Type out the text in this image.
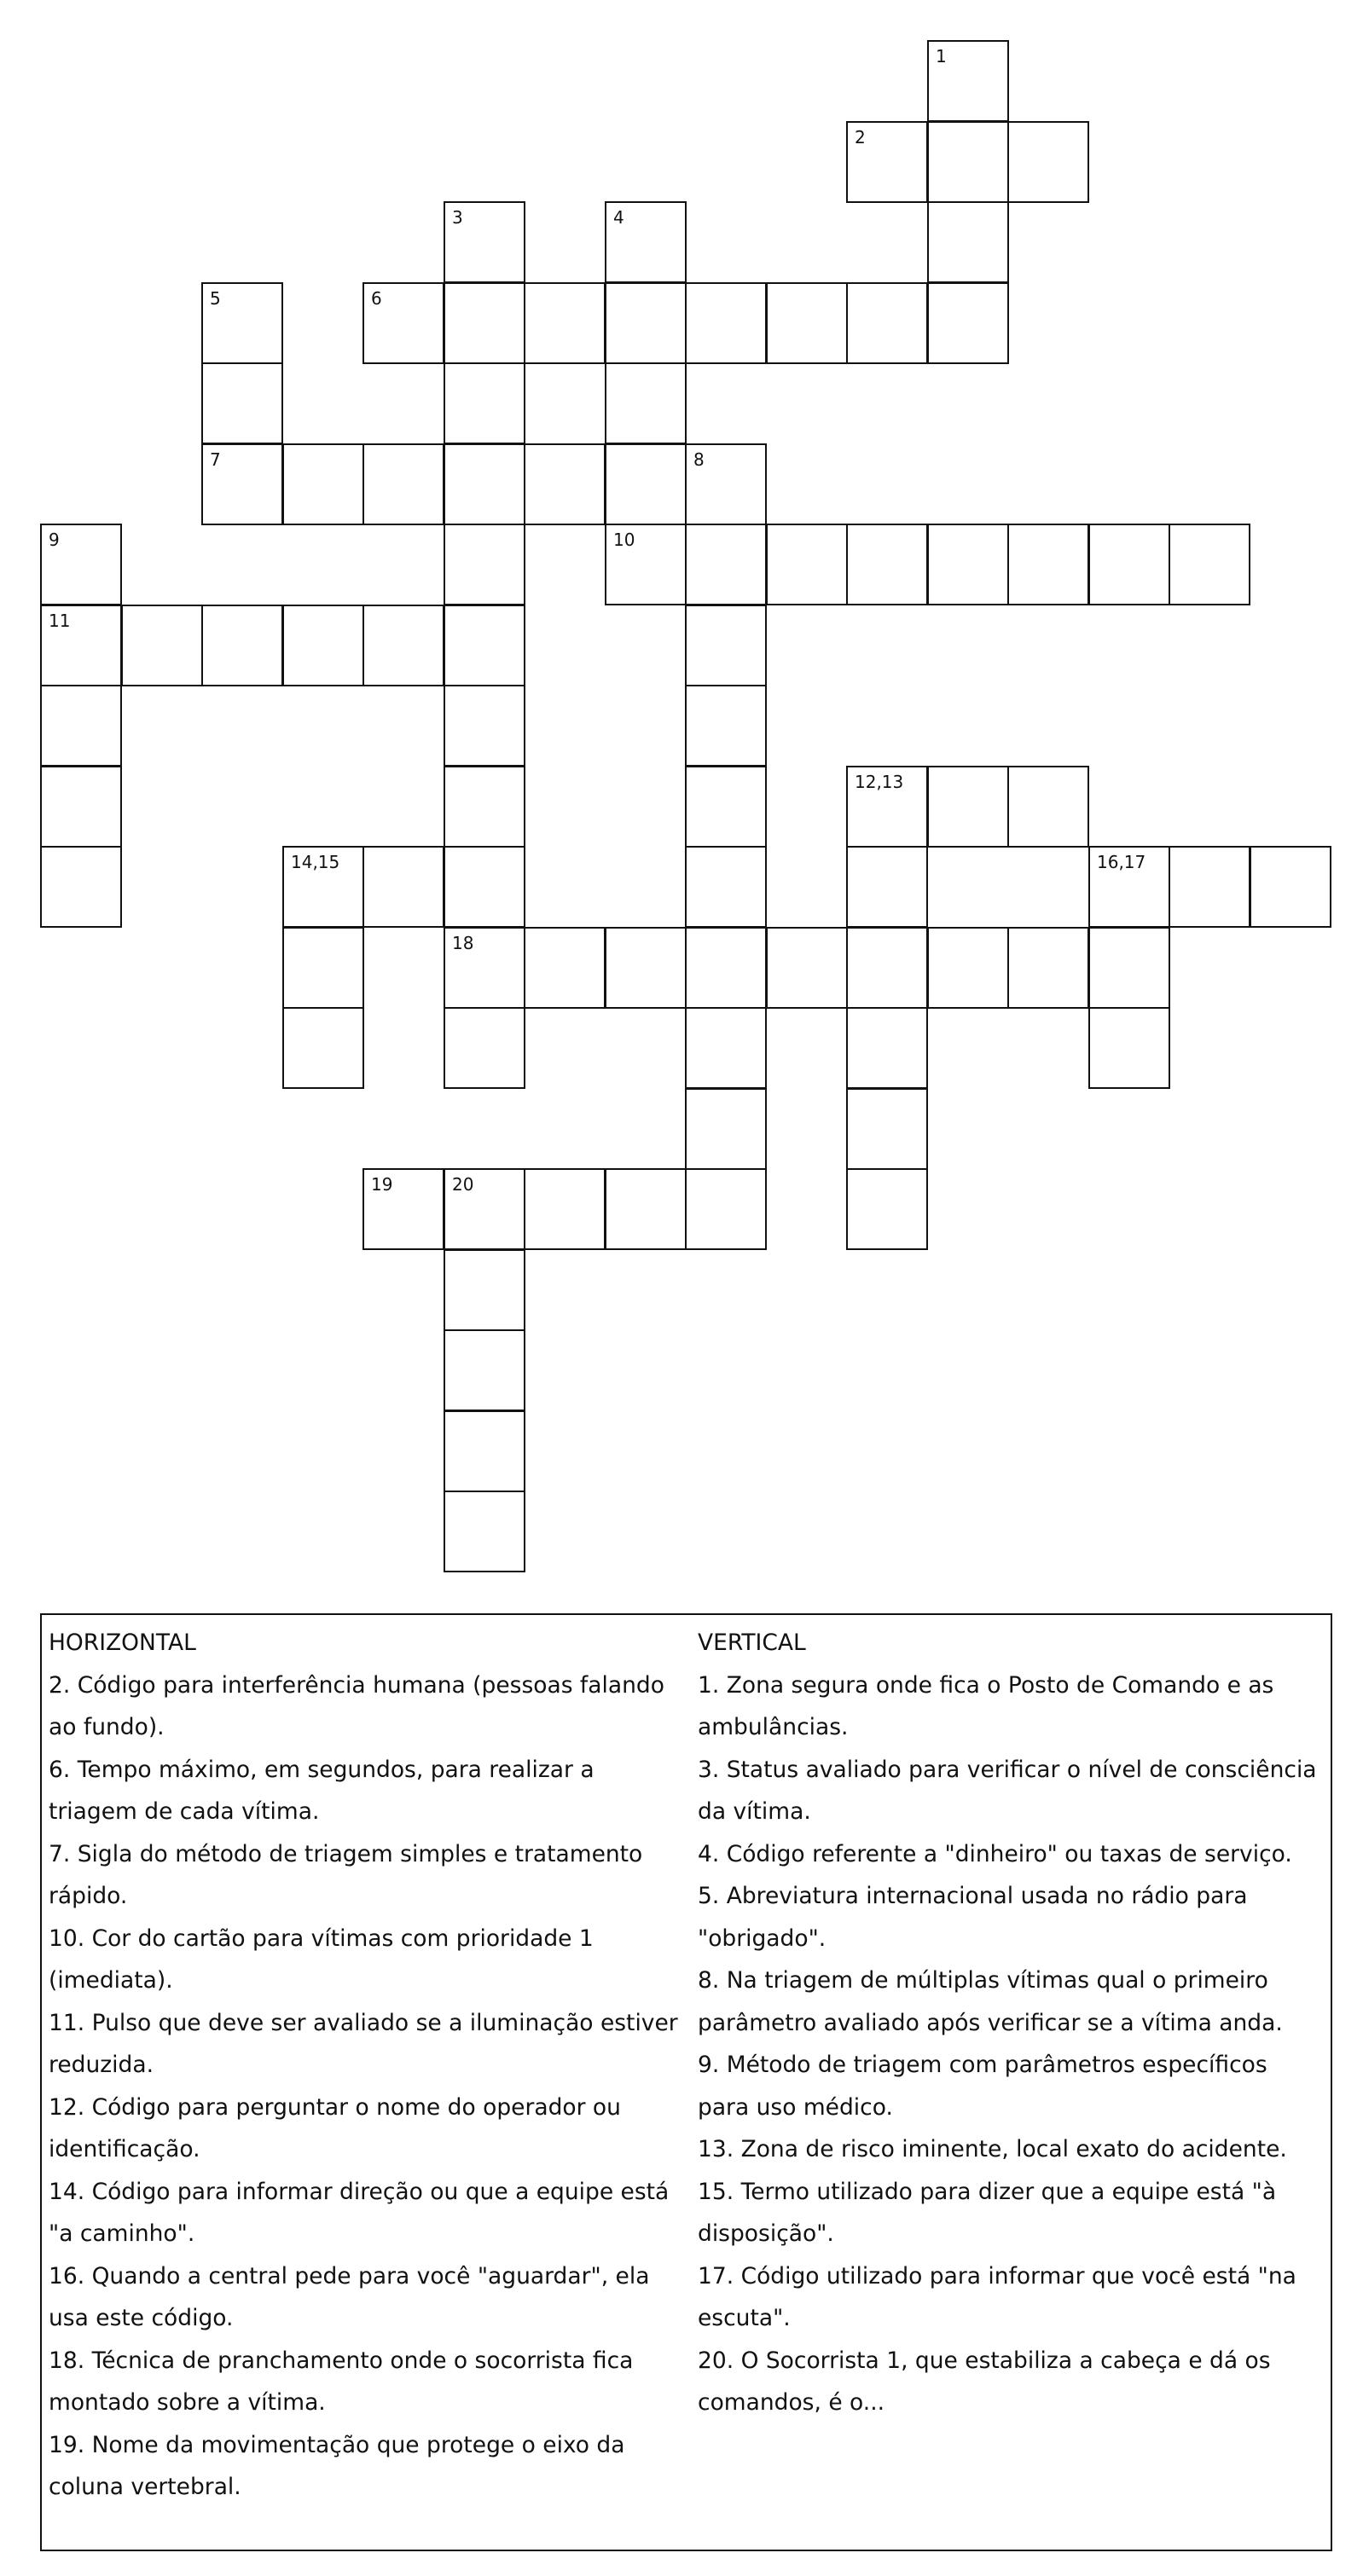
1
2
3	4
5	6
7	8
9	10
11
12,13
14,15	16,17
18
19	20

HORIZONTAL

2. Código para interferência humana (pessoas falando

ao fundo).

6. Tempo máximo, em segundos, para realizar a

triagem de cada vítima.

7. Sigla do método de triagem simples e tratamento

rápido.

10. Cor do cartão para vítimas com prioridade 1

(imediata).

11. Pulso que deve ser avaliado se a iluminação estiver

reduzida.

12. Código para perguntar o nome do operador ou

identificação.

14. Código para informar direção ou que a equipe está

"a caminho".

16. Quando a central pede para você "aguardar", ela

usa este código.

18. Técnica de pranchamento onde o socorrista fica

montado sobre a vítima.

19. Nome da movimentação que protege o eixo da

coluna vertebral.

VERTICAL

1. Zona segura onde fica o Posto de Comando e as

ambulâncias.

3. Status avaliado para verificar o nível de consciência

da vítima.

4. Código referente a "dinheiro" ou taxas de serviço.

5. Abreviatura internacional usada no rádio para

"obrigado".

8. Na triagem de múltiplas vítimas qual o primeiro

parâmetro avaliado após verificar se a vítima anda.

9. Método de triagem com parâmetros específicos

para uso médico.

13. Zona de risco iminente, local exato do acidente.

15. Termo utilizado para dizer que a equipe está "à

disposição".

17. Código utilizado para informar que você está "na

escuta".

20. O Socorrista 1, que estabiliza a cabeça e dá os

comandos, é o...
